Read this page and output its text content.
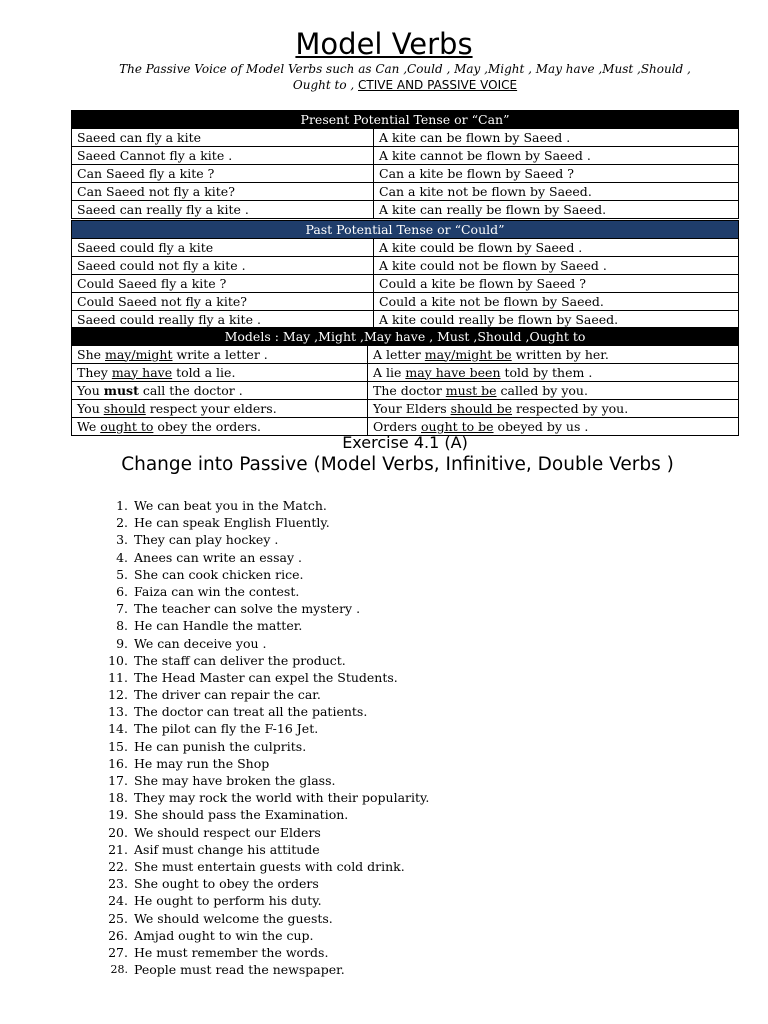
Model Verbs
The Passive Voice of Model Verbs such as Can ,Could , May ,Might , May have ,Must ,Should , Ought to , CTIVE AND PASSIVE VOICE
Present Potential Tense or “Can”	
Saeed can fly a kite	A kite can be flown by Saeed .
Saeed Cannot fly a kite .	A kite cannot be flown by Saeed .
Can Saeed fly a kite ?	Can a kite be flown by Saeed ?
Can Saeed not fly a kite?	Can a kite not be flown by Saeed.
Saeed can really fly a kite .	A kite can really be flown by Saeed.
Past Potential Tense or “Could”	
Saeed could fly a kite	A kite could be flown by Saeed .
Saeed could not fly a kite .	A kite could not be flown by Saeed .
Could Saeed fly a kite ?	Could a kite be flown by Saeed ?
Could Saeed not fly a kite?	Could a kite not be flown by Saeed.
Saeed could really fly a kite .	A kite could really be flown by Saeed.
Models : May ,Might ,May have , Must ,Should ,Ought to	
She may/might write a letter .	A letter may/might be written by her.
They may have told a lie.	A lie may have been told by them .
You must call the doctor .	The doctor must be called by you.
You should respect your elders.	Your Elders should be respected by you.
We ought to obey the orders.	Orders ought to be obeyed by us .
Exercise 4.1 (A)
Change into Passive (Model Verbs, Infinitive, Double Verbs )
1. We can beat you in the Match.
2. He can speak English Fluently.
3. They can play hockey .
4. Anees can write an essay .
5. She can cook chicken rice.
6. Faiza can win the contest.
7. The teacher can solve the mystery .
8. He can Handle the matter.
9. We can deceive you .
10. The staff can deliver the product.
11. The Head Master can expel the Students.
12. The driver can repair the car.
13. The doctor can treat all the patients.
14. The pilot can fly the F-16 Jet.
15. He can punish the culprits.
16. He may run the Shop
17. She may have broken the glass.
18. They may rock the world with their popularity.
19. She should pass the Examination.
20. We should respect our Elders
21. Asif must change his attitude
22. She must entertain guests with cold drink.
23. She ought to obey the orders
24. He ought to perform his duty.
25. We should welcome the guests.
26. Amjad ought to win the cup.
27. He must remember the words.
28. People must read the newspaper.
